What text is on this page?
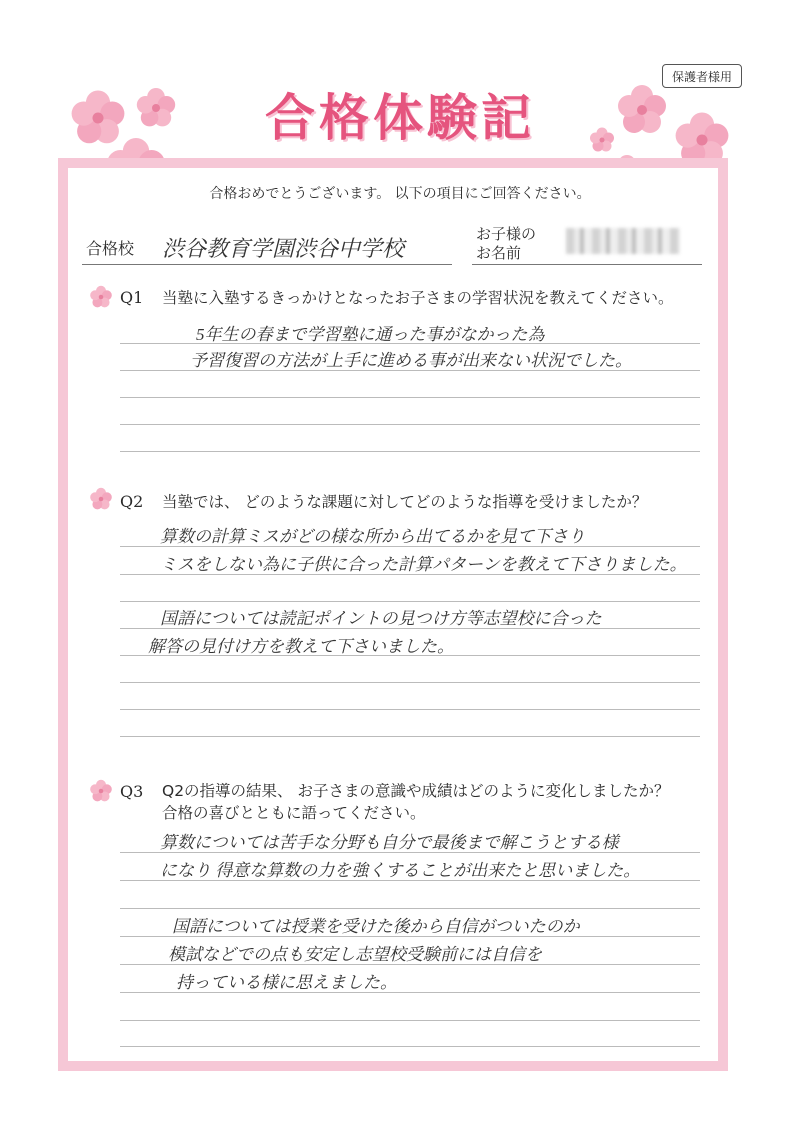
保護者様用
合格体験記
合格おめでとうございます。 以下の項目にご回答ください。
合格校 渋谷教育学園渋谷中学校
お子様の
お名前
Q1 当塾に入塾するきっかけとなったお子さまの学習状況を教えてください。
5年生の春まで学習塾に通った事がなかった為
予習復習の方法が上手に進める事が出来ない状況でした。
Q2 当塾では、 どのような課題に対してどのような指導を受けましたか？
算数の計算ミスがどの様な所から出てるかを見て下さり
ミスをしない為に子供に合った計算パターンを教えて下さりました。
国語については読記ポイントの見つけ方等志望校に合った
解答の見付け方を教えて下さいました。
Q3 Q2の指導の結果、 お子さまの意識や成績はどのように変化しましたか？
合格の喜びとともに語ってください。
算数については苦手な分野も自分で最後まで解こうとする様
になり 得意な算数の力を強くすることが出来たと思いました。
国語については授業を受けた後から自信がついたのか
模試などでの点も安定し志望校受験前には自信を
持っている様に思えました。
